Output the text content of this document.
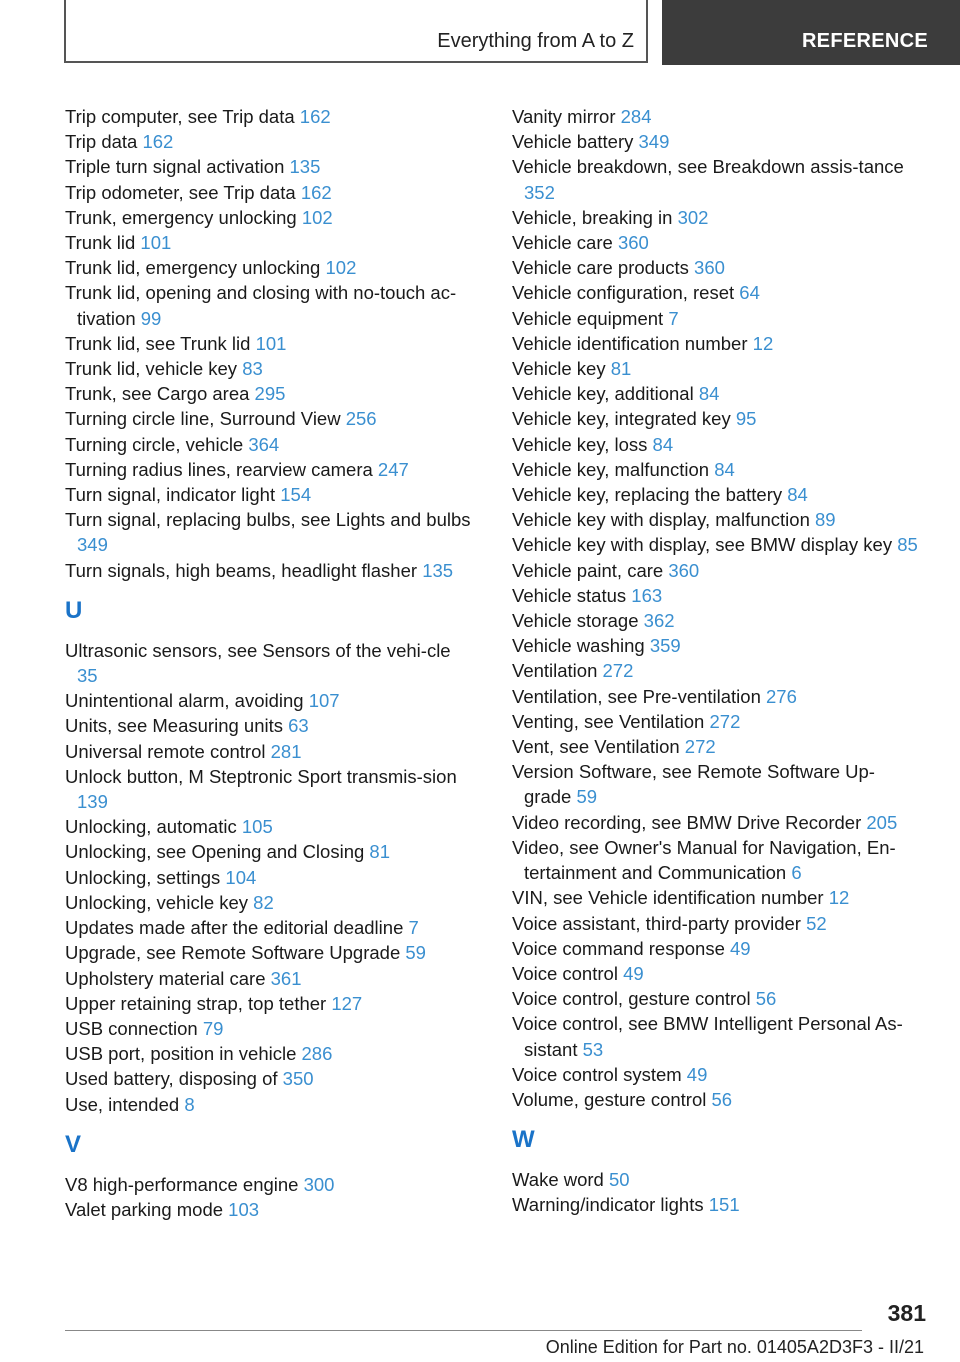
Everything from A to Z	REFERENCE

Trip computer, see Trip data 162

Trip data 162

Triple turn signal activation 135

Trip odometer, see Trip data 162

Trunk, emergency unlocking 102

Trunk lid 101

Trunk lid, emergency unlocking 102

Trunk lid, opening and closing with no-touch ac-tivation 99

Trunk lid, see Trunk lid 101

Trunk lid, vehicle key 83

Trunk, see Cargo area 295

Turning circle line, Surround View 256

Turning circle, vehicle 364

Turning radius lines, rearview camera 247

Turn signal, indicator light 154

Turn signal, replacing bulbs, see Lights and bulbs 349

Turn signals, high beams, headlight flasher 135

U

Ultrasonic sensors, see Sensors of the vehi-cle 35

Unintentional alarm, avoiding 107

Units, see Measuring units 63

Universal remote control 281

Unlock button, M Steptronic Sport transmis-sion 139

Unlocking, automatic 105

Unlocking, see Opening and Closing 81

Unlocking, settings 104

Unlocking, vehicle key 82

Updates made after the editorial deadline 7

Upgrade, see Remote Software Upgrade 59

Upholstery material care 361

Upper retaining strap, top tether 127

USB connection 79

USB port, position in vehicle 286

Used battery, disposing of 350

Use, intended 8

V

V8 high-performance engine 300

Valet parking mode 103

Vanity mirror 284

Vehicle battery 349

Vehicle breakdown, see Breakdown assis-tance 352

Vehicle, breaking in 302

Vehicle care 360

Vehicle care products 360

Vehicle configuration, reset 64

Vehicle equipment 7

Vehicle identification number 12

Vehicle key 81

Vehicle key, additional 84

Vehicle key, integrated key 95

Vehicle key, loss 84

Vehicle key, malfunction 84

Vehicle key, replacing the battery 84

Vehicle key with display, malfunction 89

Vehicle key with display, see BMW display key 85

Vehicle paint, care 360

Vehicle status 163

Vehicle storage 362

Vehicle washing 359

Ventilation 272

Ventilation, see Pre-ventilation 276

Venting, see Ventilation 272

Vent, see Ventilation 272

Version Software, see Remote Software Up-grade 59

Video recording, see BMW Drive Recorder 205

Video, see Owner's Manual for Navigation, En-tertainment and Communication 6

VIN, see Vehicle identification number 12

Voice assistant, third-party provider 52

Voice command response 49

Voice control 49

Voice control, gesture control 56

Voice control, see BMW Intelligent Personal As-sistant 53

Voice control system 49

Volume, gesture control 56

W

Wake word 50

Warning/indicator lights 151

381
Online Edition for Part no. 01405A2D3F3 - II/21
